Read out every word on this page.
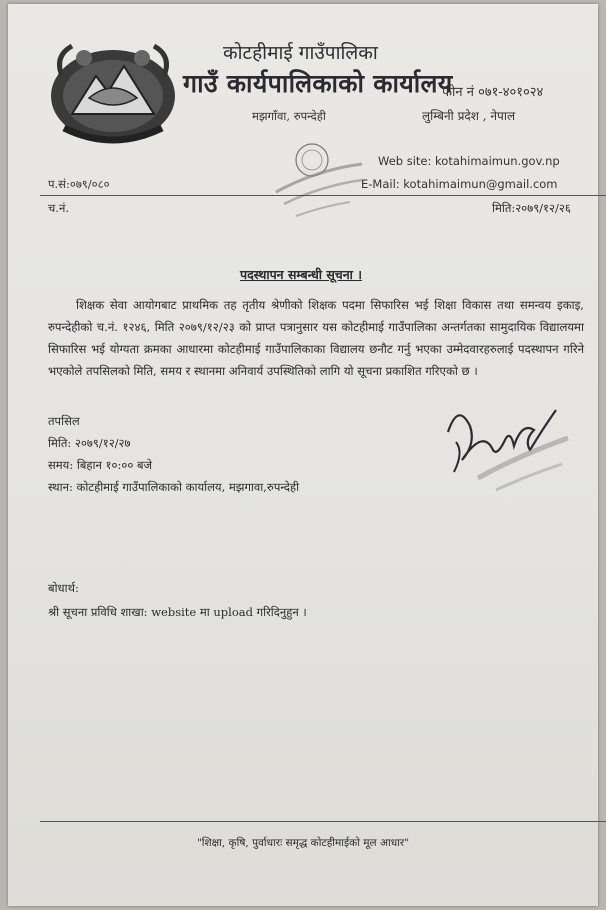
कोटहीमाई गाउँपालिका
गाउँ कार्यपालिकाको कार्यालय
फोन नं ०७१-४०१०२४
मझगाँवा, रुपन्देही	लुम्बिनी प्रदेश , नेपाल
Web site: kotahimaimun.gov.np
E-Mail: kotahimaimun@gmail.com
प.सं:०७९/०८०
च.नं.	मिति:२०७९/१२/२६
पदस्थापन सम्बन्धी सूचना ।
शिक्षक सेवा आयोगबाट प्राथमिक तह तृतीय श्रेणीको शिक्षक पदमा सिफारिस भई शिक्षा विकास तथा समन्वय इकाइ, रुपन्देहीको च.नं. १२४६, मिति २०७९/१२/२३ को प्राप्त पत्रानुसार यस कोटहीमाई गाउँपालिका अन्तर्गतका सामुदायिक विद्यालयमा सिफारिस भई योग्यता क्रमका आधारमा कोटहीमाई गाउँपालिकाका विद्यालय छनौट गर्नु भएका उम्मेदवारहरुलाई पदस्थापन गरिने भएकोले तपसिलको मिति, समय र स्थानमा अनिवार्य उपस्थितिको लागि यो सूचना प्रकाशित गरिएको छ ।
तपसिल
मिति: २०७९/१२/२७
समय: बिहान १०:०० बजे
स्थान: कोटहीमाई गाउँपालिकाको कार्यालय, मझगावा,रुपन्देही
बोधार्थ:
श्री सूचना प्रविधि शाखा: website मा upload गरिदिनुहुन ।
"शिक्षा, कृषि, पुर्वाधारः समृद्ध कोटहीमाईको मूल आधार"
